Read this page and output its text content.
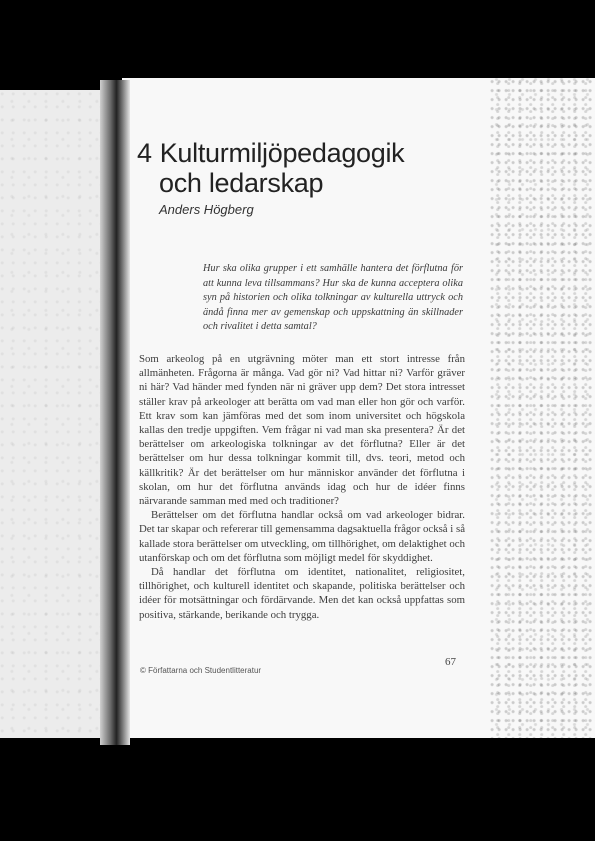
4 Kulturmiljöpedagogik
och ledarskap
Anders Högberg
Hur ska olika grupper i ett samhälle hantera det förflutna för att kunna leva tillsammans? Hur ska de kunna acceptera olika syn på historien och olika tolkningar av kulturella uttryck och ändå finna mer av gemenskap och uppskattning än skillnader och rivalitet i detta samtal?

Som arkeolog på en utgrävning möter man ett stort intresse från allmänheten. Frågorna är många. Vad gör ni? Vad hittar ni? Varför gräver ni här? Vad händer med fynden när ni gräver upp dem? Det stora intresset ställer krav på arkeologer att berätta om vad man eller hon gör och varför. Ett krav som kan jämföras med det som inom universitet och högskola kallas den tredje uppgiften. Vem frågar ni vad man ska presentera? Är det berättelser om arkeologiska tolkningar av det förflutna? Eller är det berättelser om hur dessa tolkningar kommit till, dvs. teori, metod och källkritik? Är det berättelser om hur människor använder det förflutna i skolan, om hur det förflutna används idag och hur de idéer finns närvarande samman med med och traditioner?

Berättelser om det förflutna handlar också om vad arkeologer bidrar. Det tar skapar och refererar till gemensamma dagsaktuella frågor också i så kallade stora berättelser om utveckling, om tillhörighet, om delaktighet och utanförskap och om det förflutna som möjligt medel för skyddighet.

Då handlar det förflutna om identitet, nationalitet, religiositet, tillhörighet, och kulturell identitet och skapande, politiska berättelser och idéer för motsättningar och fördärvande. Men det kan också uppfattas som positiva, stärkande, berikande och trygga.

© Författarna och Studentlitteratur
67
